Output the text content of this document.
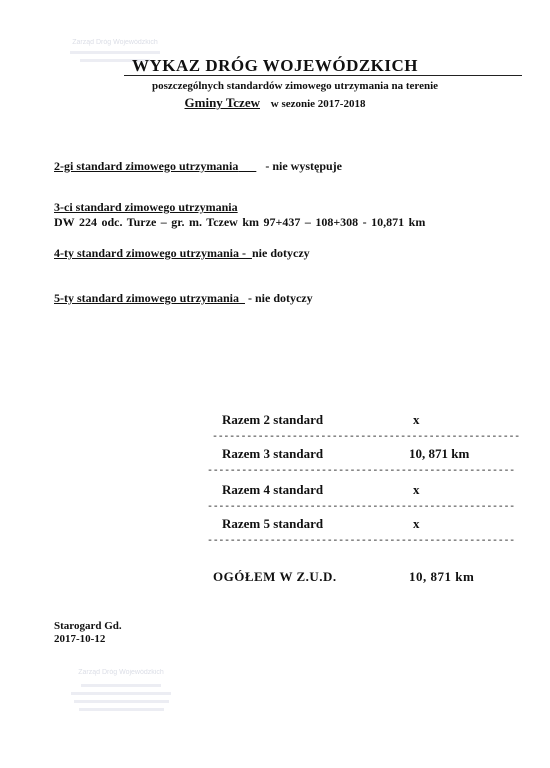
Zarząd Dróg Wojewódzkich
WYKAZ DRÓG WOJEWÓDZKICH
poszczególnych standardów zimowego utrzymania na terenie
Gminy Tczew w sezonie 2017-2018
2-gi standard zimowego utrzymania - nie występuje
3-ci standard zimowego utrzymania
DW 224 odc. Turze – gr. m. Tczew km 97+437 – 108+308 - 10,871 km
4-ty standard zimowego utrzymania - nie dotyczy
5-ty standard zimowego utrzymania - nie dotyczy
Razem 2 standard	x
------------------------------------------------------
Razem 3 standard	10, 871 km
------------------------------------------------------
Razem 4 standard	x
------------------------------------------------------
Razem 5 standard	x
------------------------------------------------------
OGÓŁEM W Z.U.D.	10, 871 km
Starogard Gd.
2017-10-12
Zarząd Dróg Wojewódzkich
